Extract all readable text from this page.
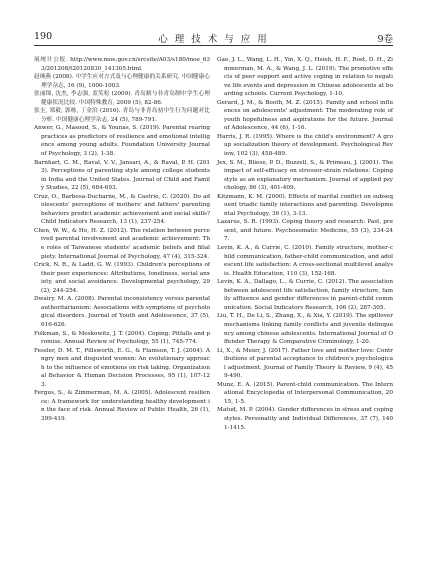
190	心 理 技 术 与 应 用	9卷

展统计公报. http://www.moe.gov.cn/srcsite/A03/s180/moe_633/201208/t20120830_141305.html.

赵琬燕 (2008). 中学生应对方式及与心理健康的关系研究. 中国健康心理学杂志, 16 (9), 1000-1003.

张丽锦, 沈杰, 李志强, 盖笑松 (2009). 青岛制与非青岛制中学生心理健康状况比较. 中国特殊教育, 2009 (5), 82-86.

张圭, 郑毅, 郭栋, 丁金泊 (2016). 青岛与非青岛初中生行为问题对比分析. 中国健康心理学杂志, 24 (5), 789-791.

Anwer, G., Masood, S., & Younas, S. (2019). Parental rearing practices as predictors of resilience and emotional intelligence among young adults. Foundation University Journal of Psychology, 3 (2), 1-38.

Barnhart, C. M., Raval, V. V., Jansari, A., & Raval, P. H. (2013). Perceptions of parenting style among college students in India and the United States. Journal of Child and Family Studies, 22 (5), 684-693.

Cruz, O., Barbosa-Ducharne, M., & Castrio, C. (2020). Do adolescents' perceptions of mothers' and fathers' parenting behaviors predict academic achievement and social skills? Child Indicators Research, 13 (1), 237-254.

Chen, W. W., & Ho, H. Z. (2012). The relation between perceived parental involvement and academic achievement: The roles of Taiwanese students' academic beliefs and filial piety. International Journal of Psychology, 47 (4), 315-324.

Crick, N. R., & Ladd, G. W. (1993). Children's perceptions of their peer experiences: Attributions, loneliness, social anxiety, and social avoidance. Developmental psychology, 29 (2), 244-254.

Dwairy, M. A. (2008). Parental inconsistency versus parental authoritarianism: Associations with symptoms of psychological disorders. Journal of Youth and Adolescence, 37 (5), 616-626.

Folkman, S., & Moskowitz, J. T. (2004). Coping: Pitfalls and promise. Annual Review of Psychology, 55 (1), 745-774.

Fessler, D. M. T., Pillsworth, E. G., & Flamson, T. J. (2004). Angry men and disgusted women: An evolutionary approach to the influence of emotions on risk taking. Organizational Behavior & Human Decision Processes, 95 (1), 107-123.

Fergus, S., & Zimmerman, M. A. (2005). Adolescent resilience: A framework for understanding healthy development in the face of risk. Annual Review of Public Health, 26 (1), 399-419.

Gao, J. L., Wang, L. H., Yin, X. Q., Hsieh, H. F., Rost, D. H., Zimmerman, M. A., & Wang, J. L. (2019). The promotive effects of peer support and active coping in relation to negative life events and depression in Chinese adolescents at boarding schools. Current Psychology, 1-10.

Gerard, J. M., & Booth, M. Z. (2015). Family and school influences on adolescents' adjustment: The moderating role of youth hopefulness and aspirations for the future. Journal of Adolescence, 44 (6), 1-16.

Harris, J. R. (1995). Where is the child's environment? A group socialization theory of development. Psychological Review, 102 (3), 458-489.

Jex, S. M., Bliese, P. D., Buzzell, S., & Primeau, J. (2001). The impact of self-efficacy on stressor-strain relations: Coping style as an explanatory mechanism. Journal of applied psychology, 86 (3), 401-409.

Kitzmann, K. M. (2000). Effects of marital conflict on subsequent triadic family interactions and parenting. Developmental Psychology, 36 (1), 3-13.

Lazarus, S. R. (1993). Coping theory and research: Past, present, and future. Psychosomatic Medicine, 55 (3), 234-247.

Levin, K. A., & Currie, C. (2010). Family structure, mother-child communication, father-child communication, and adolescent life satisfaction: A cross-sectional multilevel analysis. Health Education, 110 (3), 152-168.

Levin, K. A., Dallago, L., & Currie, C. (2012). The association between adolescent life satisfaction, family structure, family affluence and gender differences in parent-child communication. Social Indicators Research, 106 (2), 287-305.

Liu, T. H., De Li, S., Zhang, X., & Xia, Y. (2019). The spillover mechanisms linking family conflicts and juvenile delinquency among chinese adolescents. International Journal of Offender Therapy & Comparative Criminology, 1-20.

Li, X., & Meier, J. (2017). Father love and mother love: Contributions of parental acceptance to children's psychological adjustment. Journal of Family Theory & Review, 9 (4), 459-490.

Munz, E. A. (2015). Parent-child communication. The International Encyclopedia of Interpersonal Communication, 2015, 1-5.

Matud, M. P. (2004). Gender differences in stress and coping styles. Personality and Individual Differences, 37 (7), 1401-1415.
